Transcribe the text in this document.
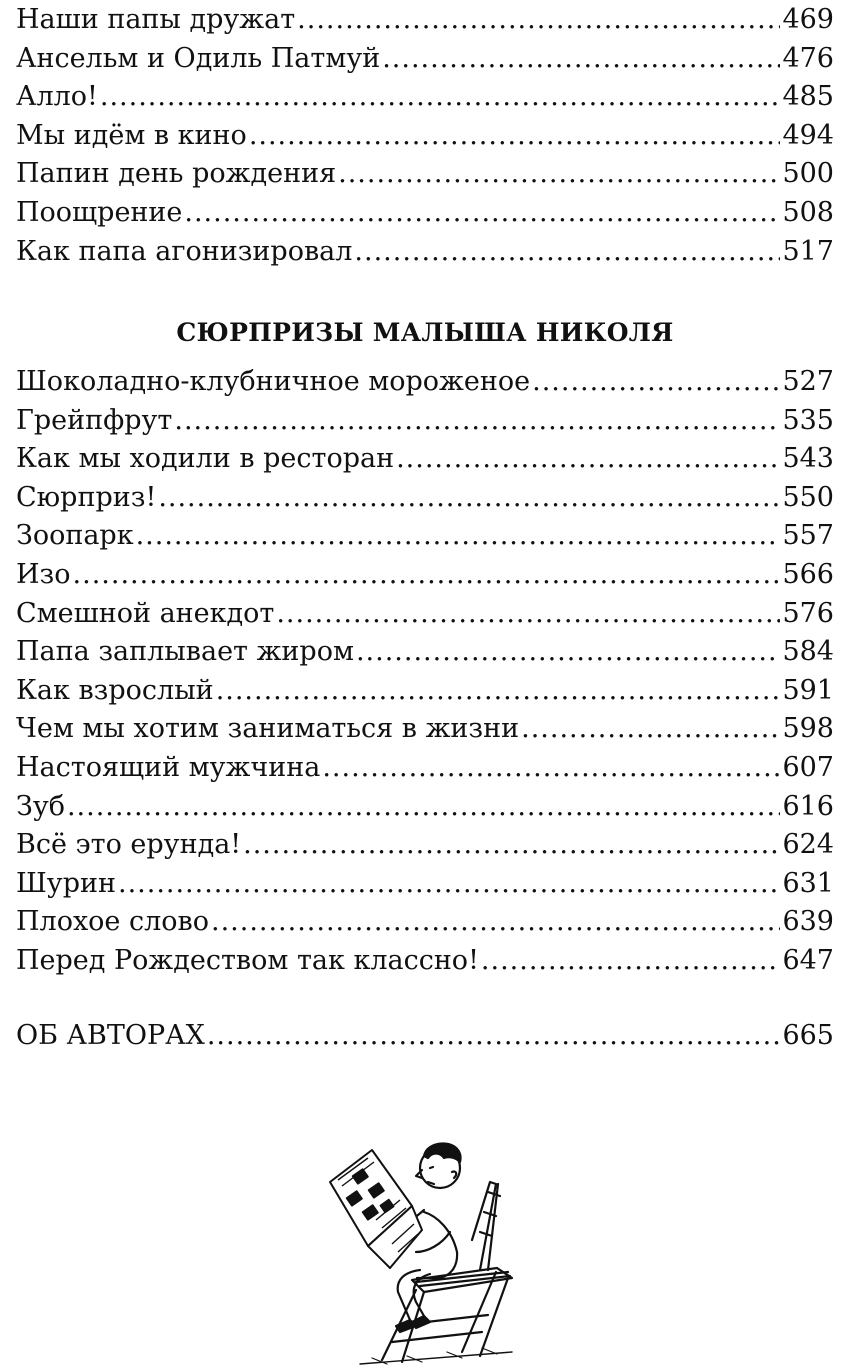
Наши папы дружат .....	469
Ансельм и Одиль Патмуй .....	476
Алло! .....	485
Мы идём в кино .....	494
Папин день рождения .....	500
Поощрение .....	508
Как папа агонизировал .....	517
СЮРПРИЗЫ МАЛЫША НИКОЛЯ
Шоколадно-клубничное мороженое .....	527
Грейпфрут .....	535
Как мы ходили в ресторан .....	543
Сюрприз! .....	550
Зоопарк .....	557
Изо .....	566
Смешной анекдот .....	576
Папа заплывает жиром .....	584
Как взрослый .....	591
Чем мы хотим заниматься в жизни .....	598
Настоящий мужчина .....	607
Зуб .....	616
Всё это ерунда! .....	624
Шурин .....	631
Плохое слово .....	639
Перед Рождеством так классно! .....	647
ОБ АВТОРАХ .....	665
